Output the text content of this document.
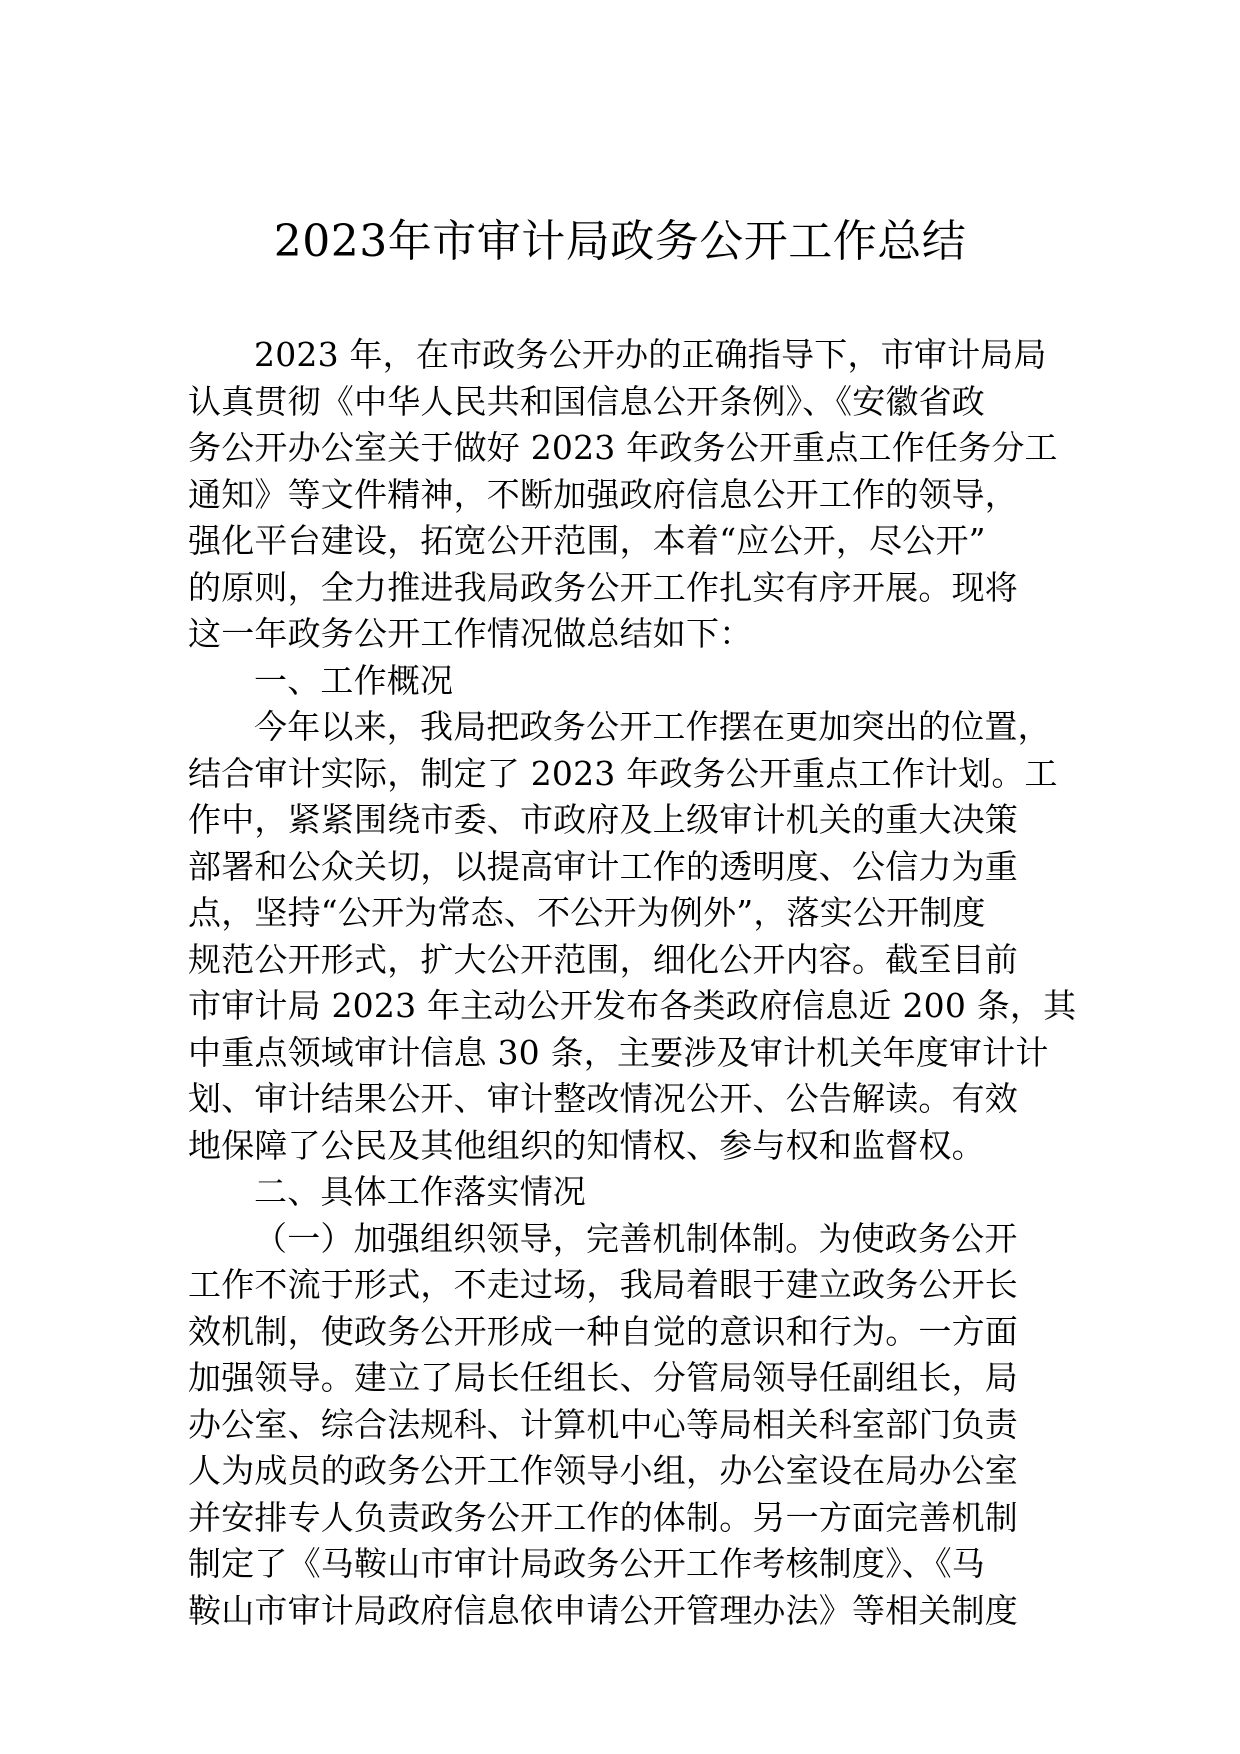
2023年市审计局政务公开工作总结
2023 年，在市政务公开办的正确指导下，市审计局局
认真贯彻《中华人民共和国信息公开条例》、《安徽省政
务公开办公室关于做好 2023 年政务公开重点工作任务分工
通知》等文件精神，不断加强政府信息公开工作的领导，
强化平台建设，拓宽公开范围，本着“应公开，尽公开”
的原则，全力推进我局政务公开工作扎实有序开展。现将
这一年政务公开工作情况做总结如下：
一、工作概况
今年以来，我局把政务公开工作摆在更加突出的位置，
结合审计实际，制定了 2023 年政务公开重点工作计划。工
作中，紧紧围绕市委、市政府及上级审计机关的重大决策
部署和公众关切，以提高审计工作的透明度、公信力为重
点，坚持“公开为常态、不公开为例外”，落实公开制度
规范公开形式，扩大公开范围，细化公开内容。截至目前
市审计局 2023 年主动公开发布各类政府信息近 200 条，其
中重点领域审计信息 30 条，主要涉及审计机关年度审计计
划、审计结果公开、审计整改情况公开、公告解读。有效
地保障了公民及其他组织的知情权、参与权和监督权。
二、具体工作落实情况
（一）加强组织领导，完善机制体制。为使政务公开
工作不流于形式，不走过场，我局着眼于建立政务公开长
效机制，使政务公开形成一种自觉的意识和行为。一方面
加强领导。建立了局长任组长、分管局领导任副组长，局
办公室、综合法规科、计算机中心等局相关科室部门负责
人为成员的政务公开工作领导小组，办公室设在局办公室
并安排专人负责政务公开工作的体制。另一方面完善机制
制定了《马鞍山市审计局政务公开工作考核制度》、《马
鞍山市审计局政府信息依申请公开管理办法》等相关制度
